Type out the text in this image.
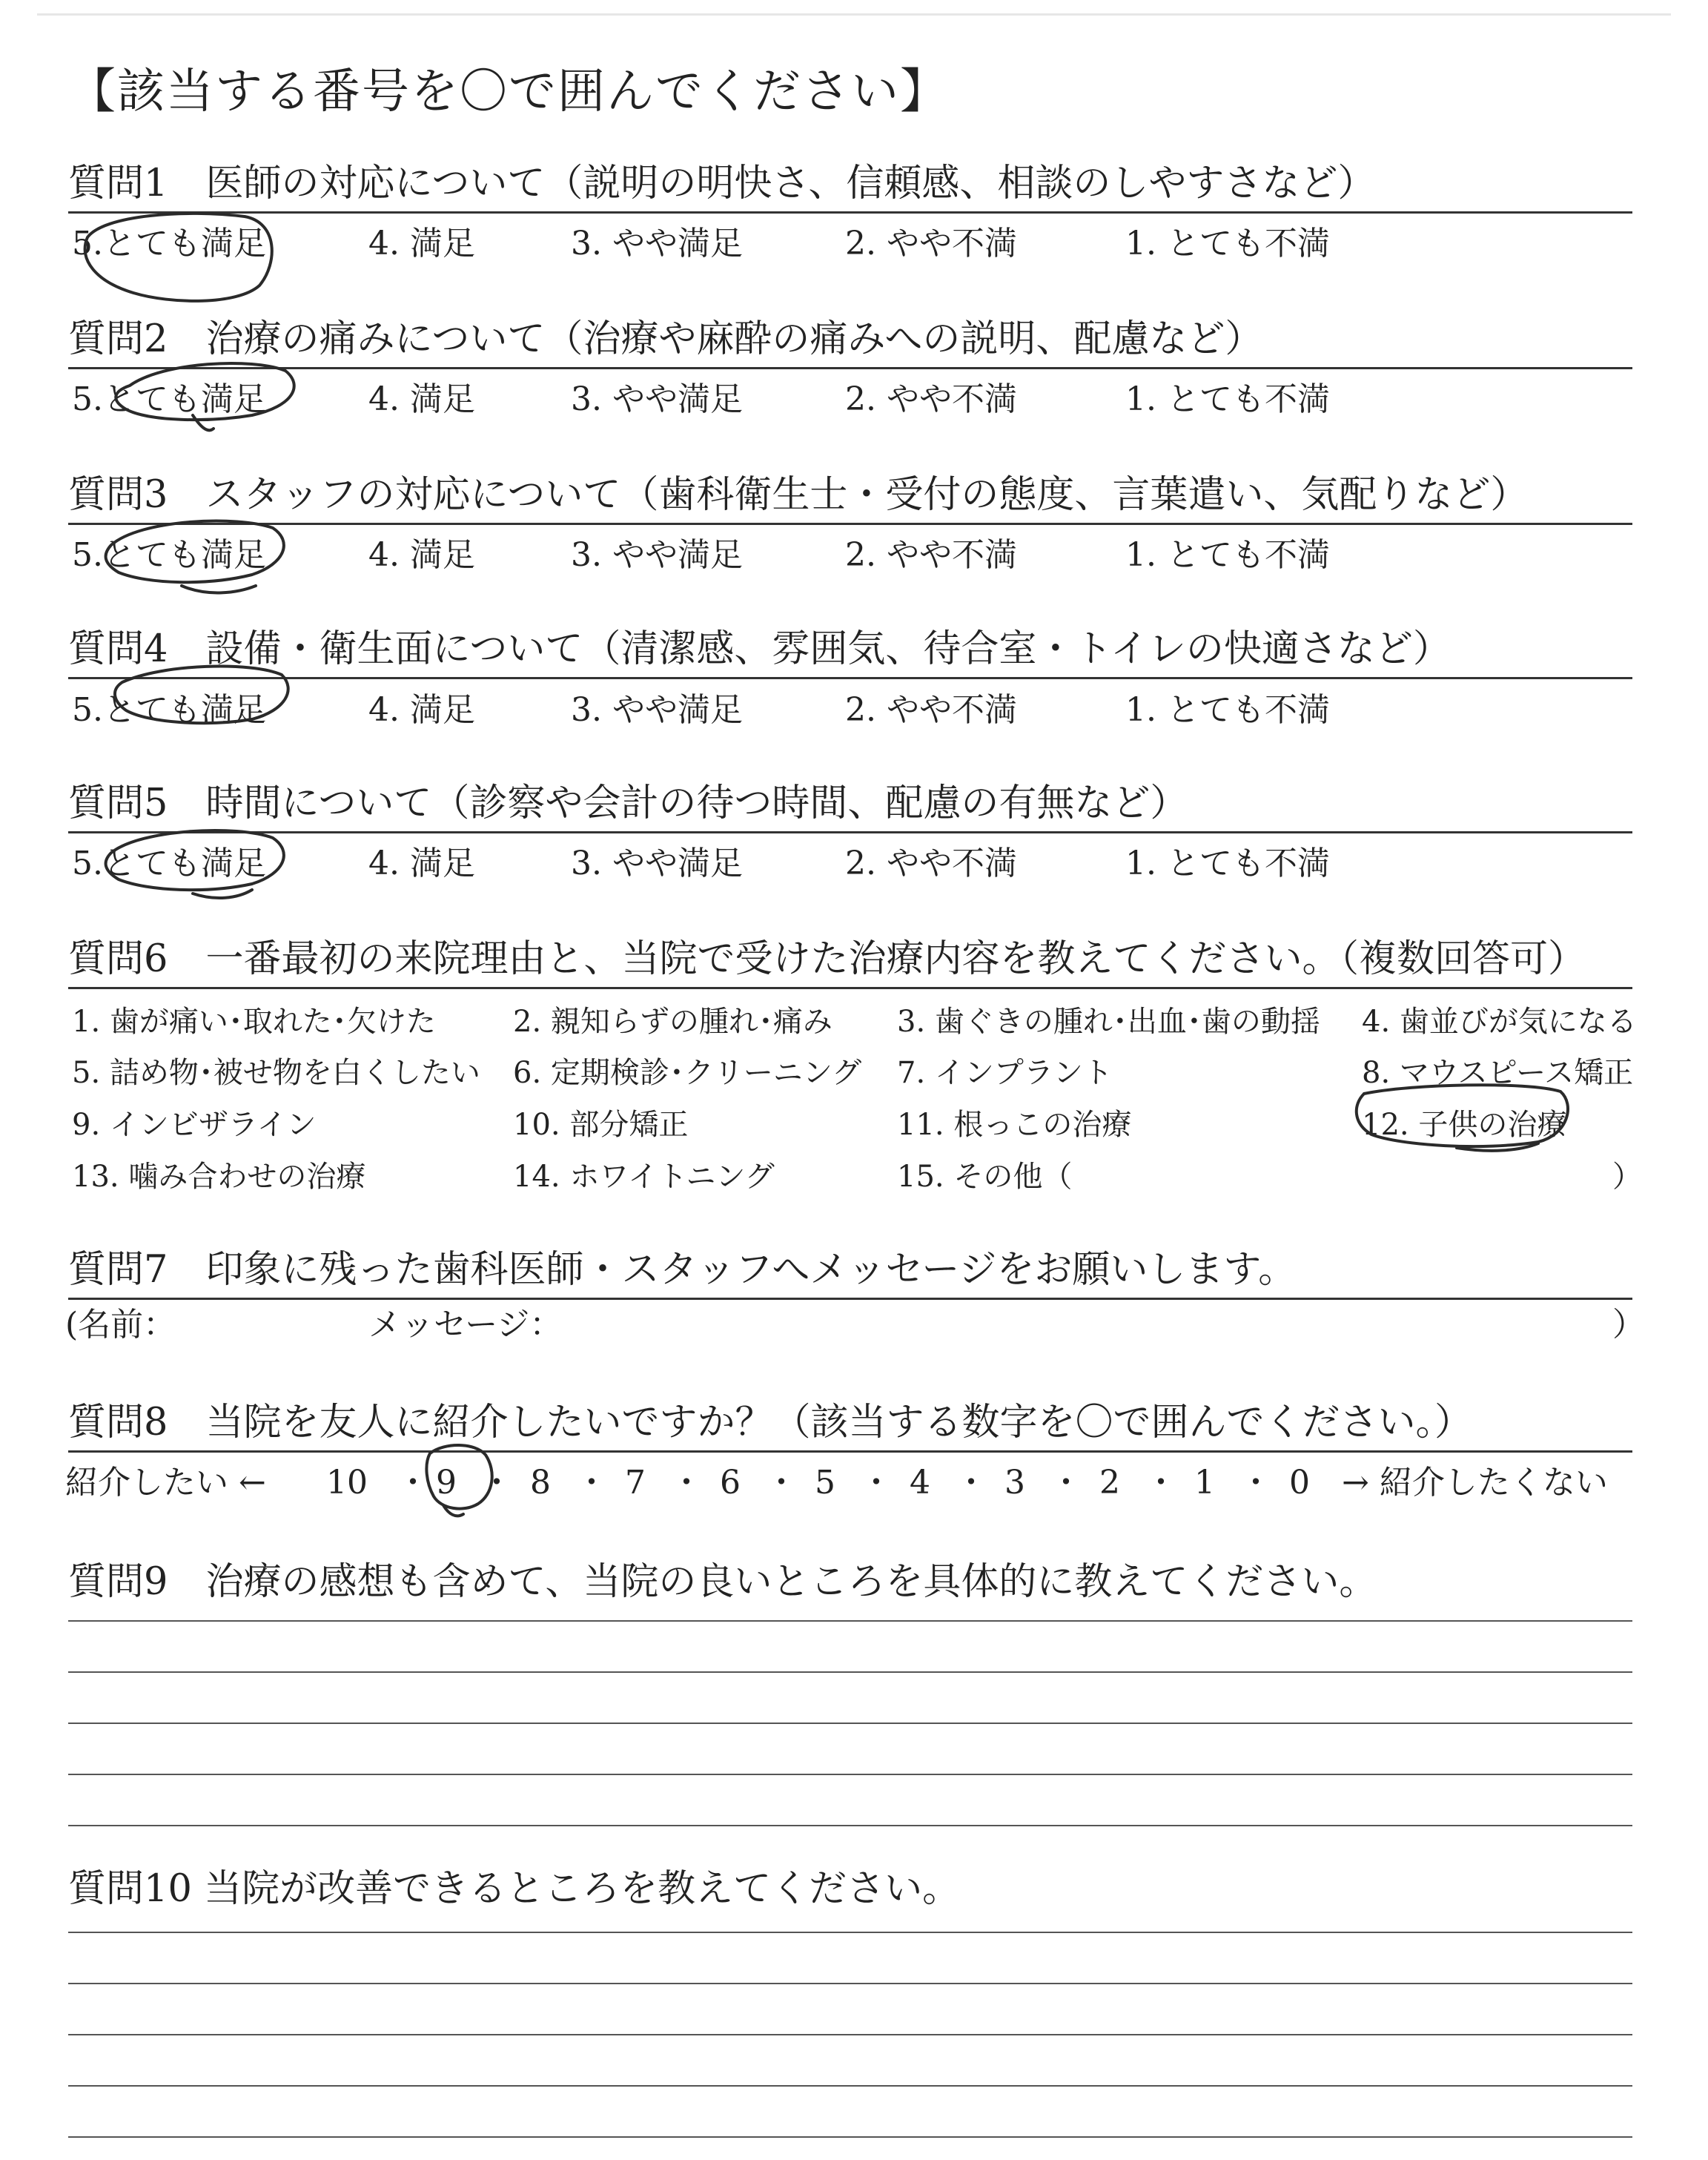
【該当する番号を〇で囲んでください】
質問1　医師の対応について（説明の明快さ、信頼感、相談のしやすさなど）
5.とても満足	4. 満足	3. やや満足	2. やや不満	1. とても不満
質問2　治療の痛みについて（治療や麻酔の痛みへの説明、配慮など）
5.とても満足	4. 満足	3. やや満足	2. やや不満	1. とても不満
質問3　スタッフの対応について（歯科衛生士・受付の態度、言葉遣い、気配りなど）
5.とても満足	4. 満足	3. やや満足	2. やや不満	1. とても不満
質問4　設備・衛生面について（清潔感、雰囲気、待合室・トイレの快適さなど）
5.とても満足	4. 満足	3. やや満足	2. やや不満	1. とても不満
質問5　時間について（診察や会計の待つ時間、配慮の有無など）
5.とても満足	4. 満足	3. やや満足	2. やや不満	1. とても不満
質問6　一番最初の来院理由と、当院で受けた治療内容を教えてください。（複数回答可）
1. 歯が痛い･取れた･欠けた	2. 親知らずの腫れ･痛み 3. 歯ぐきの腫れ･出血･歯の動揺 4. 歯並びが気になる
5. 詰め物･被せ物を白くしたい 6. 定期検診･クリーニング 7. インプラント	8. マウスピース矯正
9. インビザライン	10. 部分矯正	11. 根っこの治療	12. 子供の治療
13. 噛み合わせの治療	14. ホワイトニング	15. その他（	）
質問7　印象に残った歯科医師・スタッフへメッセージをお願いします。
(名前：	メッセージ：	）
質問8　当院を友人に紹介したいですか？（該当する数字を〇で囲んでください。）
紹介したい ← 10 ・ 9 ・ 8 ・ 7 ・ 6 ・ 5 ・ 4 ・ 3 ・ 2 ・ 1 ・ 0 → 紹介したくない
質問9　治療の感想も含めて、当院の良いところを具体的に教えてください。
質問10 当院が改善できるところを教えてください。
